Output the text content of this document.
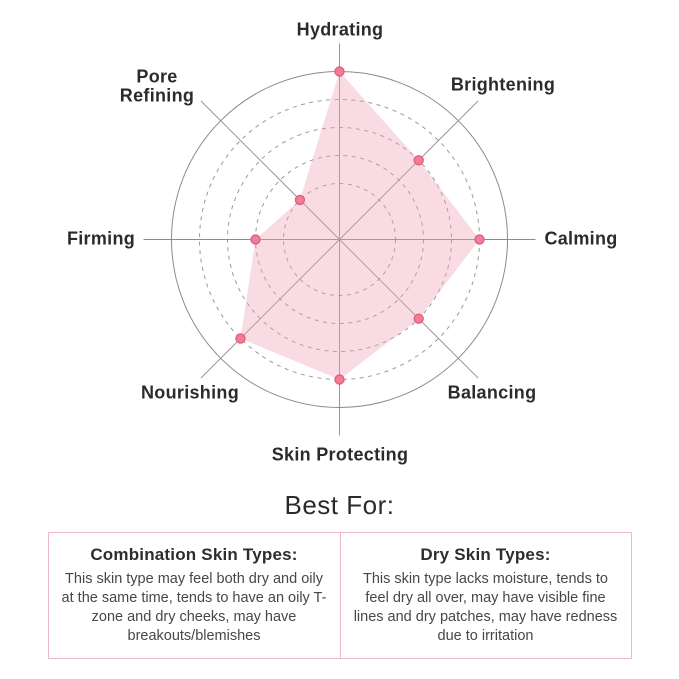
Hydrating
Brightening
Calming
Balancing
Skin Protecting
Nourishing
Firming
Pore Refining
Best For:
Combination Skin Types:
This skin type may feel both dry and oily at the same time, tends to have an oily T-zone and dry cheeks, may have breakouts/blemishes
Dry Skin Types:
This skin type lacks moisture, tends to feel dry all over, may have visible fine lines and dry patches, may have redness due to irritation
